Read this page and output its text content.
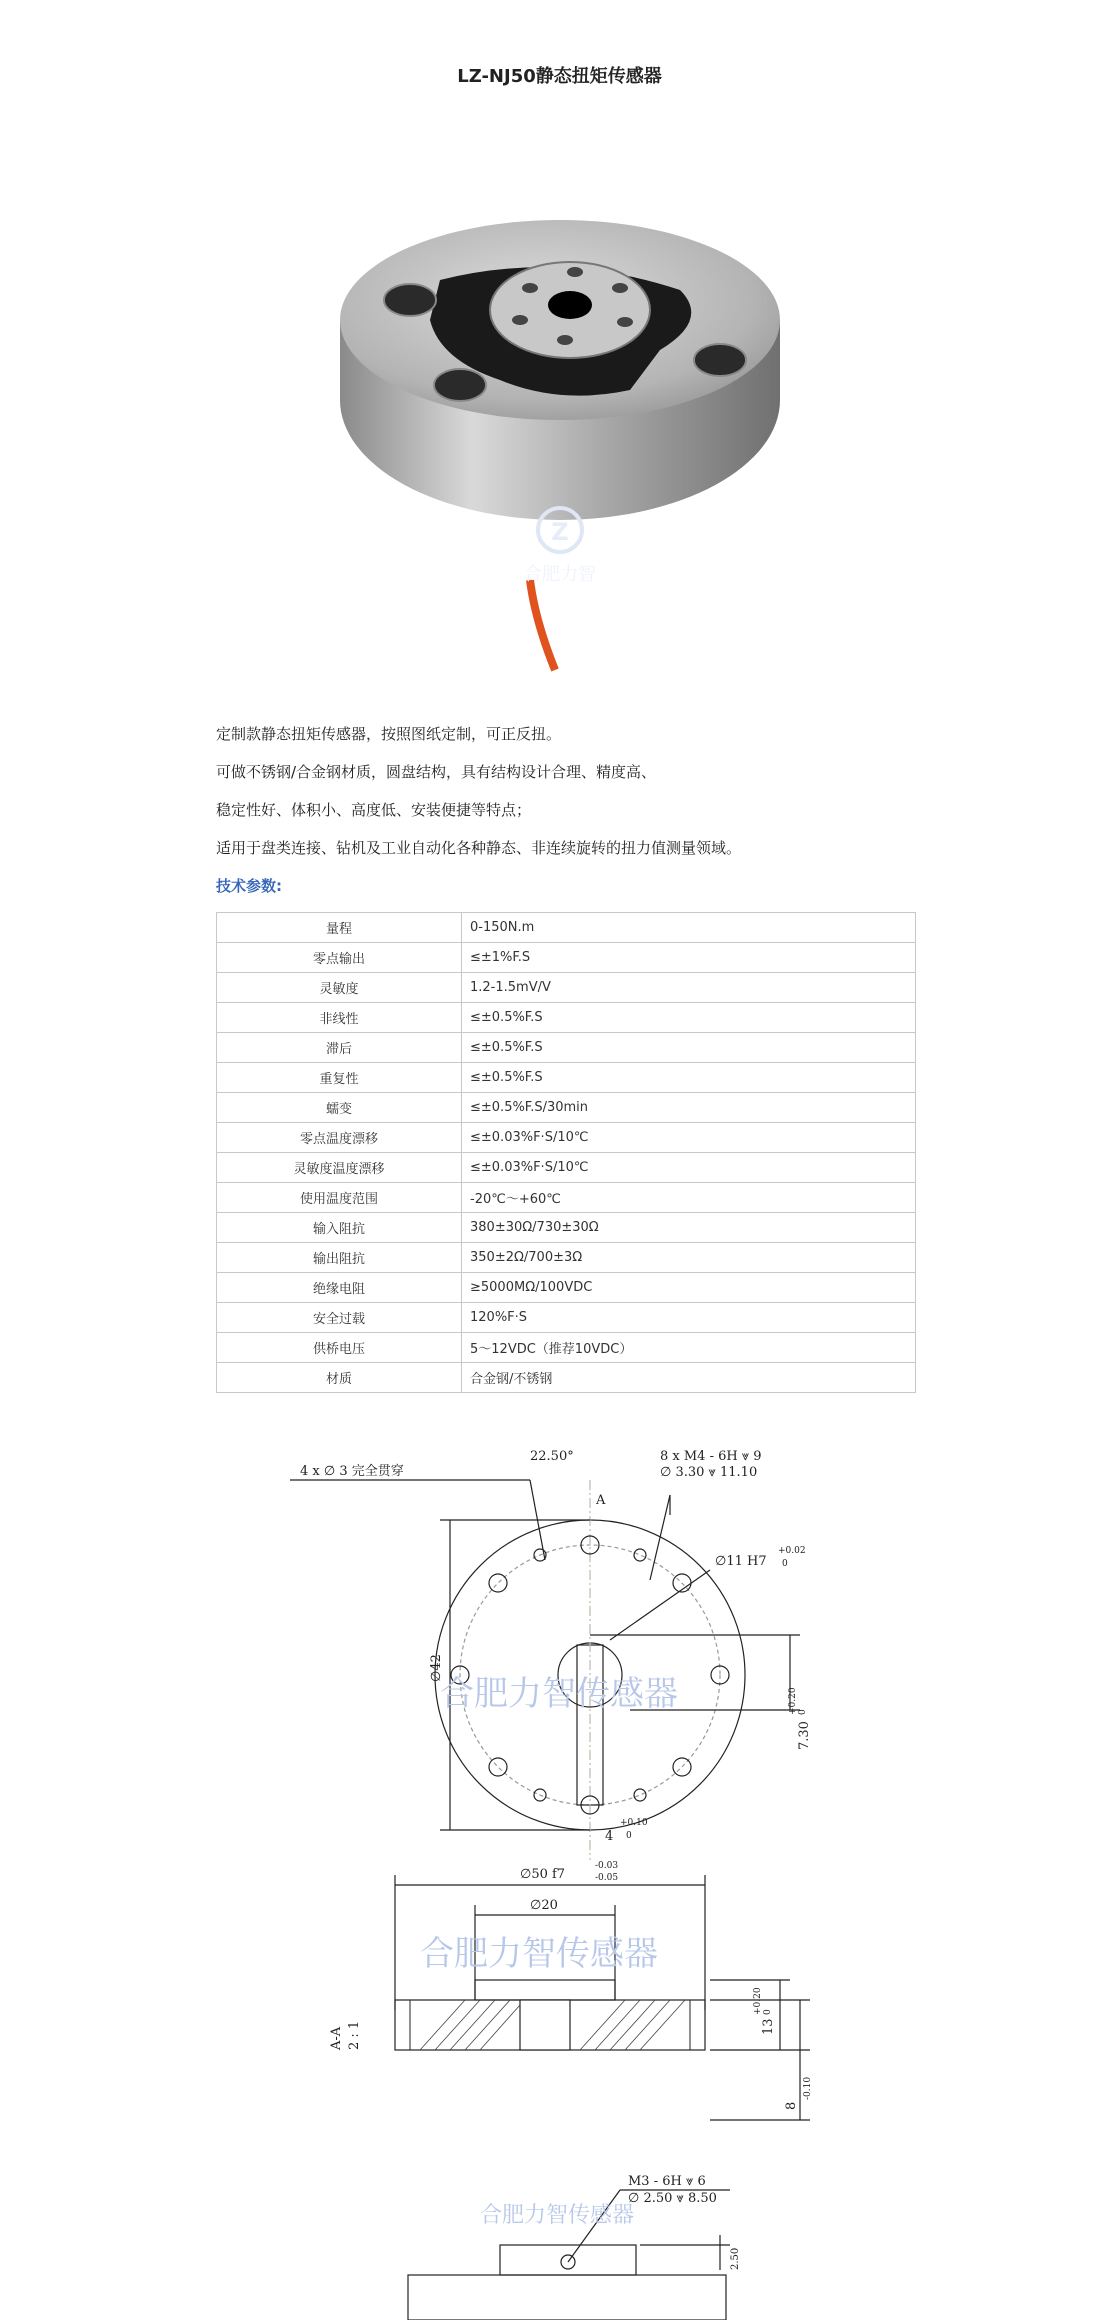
LZ-NJ50静态扭矩传感器
Z
合肥力智

定制款静态扭矩传感器，按照图纸定制，可正反扭。

可做不锈钢/合金钢材质，圆盘结构，具有结构设计合理、精度高、

稳定性好、体积小、高度低、安装便捷等特点；

适用于盘类连接、钻机及工业自动化各种静态、非连续旋转的扭力值测量领域。

技术参数:

量程	0-150N.m
零点输出	≤±1%F.S
灵敏度	1.2-1.5mV/V
非线性	≤±0.5%F.S
滞后	≤±0.5%F.S
重复性	≤±0.5%F.S
蠕变	≤±0.5%F.S/30min
零点温度漂移	≤±0.03%F·S/10℃
灵敏度温度漂移	≤±0.03%F·S/10℃
使用温度范围	-20℃～+60℃
输入阻抗	380±30Ω/730±30Ω
输出阻抗	350±2Ω/700±3Ω
绝缘电阻	≥5000MΩ/100VDC
安全过载	120%F·S
供桥电压	5～12VDC（推荐10VDC）
材质	合金钢/不锈钢
22.50°
4 x ∅ 3 完全贯穿
8 x M4 - 6H ⩔ 9
∅ 3.30 ⩔ 11.10
A
∅11 H7
+0.02
0
∅42
7.30
+0.20 0
4
+0.10
0
合肥力智传感器
∅50 f7
-0.03
-0.05
∅20
合肥力智传感器
A-A 2 : 1	13
+0.20 0
8
-0.10
M3 - 6H ⩔ 6
∅ 2.50 ⩔ 8.50
合肥力智传感器
2.50
